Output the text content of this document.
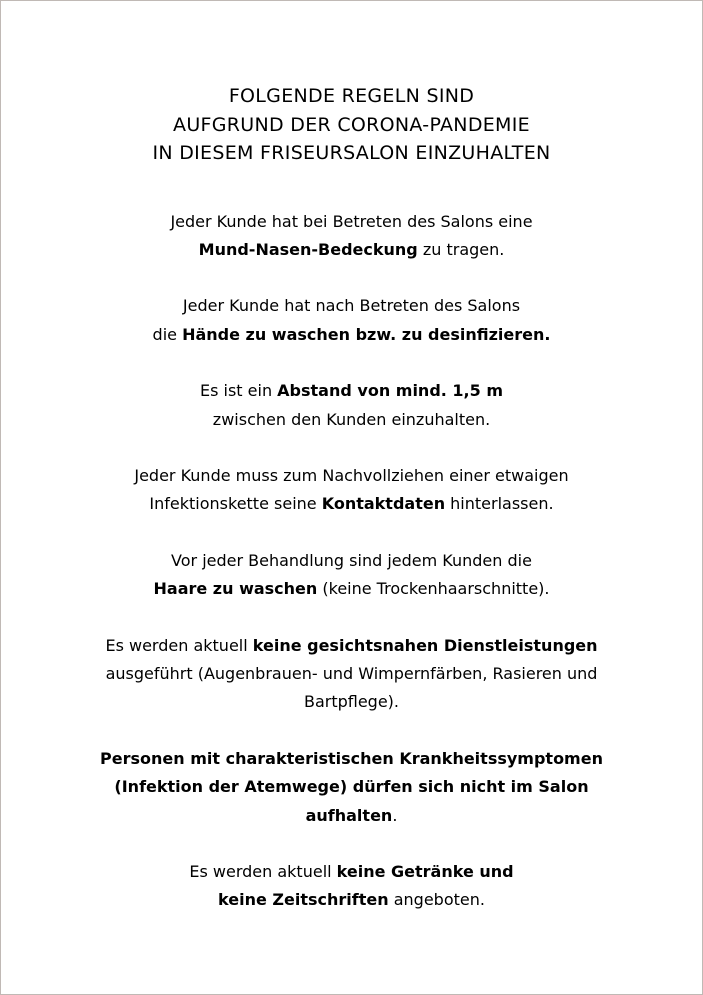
FOLGENDE REGELN SIND
AUFGRUND DER CORONA-PANDEMIE
IN DIESEM FRISEURSALON EINZUHALTEN

Jeder Kunde hat bei Betreten des Salons eine
Mund-Nasen-Bedeckung zu tragen.

Jeder Kunde hat nach Betreten des Salons
die Hände zu waschen bzw. zu desinfizieren.

Es ist ein Abstand von mind. 1,5 m
zwischen den Kunden einzuhalten.

Jeder Kunde muss zum Nachvollziehen einer etwaigen
Infektionskette seine Kontaktdaten hinterlassen.

Vor jeder Behandlung sind jedem Kunden die
Haare zu waschen (keine Trockenhaarschnitte).

Es werden aktuell keine gesichtsnahen Dienstleistungen
ausgeführt (Augenbrauen- und Wimpernfärben, Rasieren und
Bartpflege).

Personen mit charakteristischen Krankheitssymptomen
(Infektion der Atemwege) dürfen sich nicht im Salon
aufhalten.

Es werden aktuell keine Getränke und
keine Zeitschriften angeboten.
